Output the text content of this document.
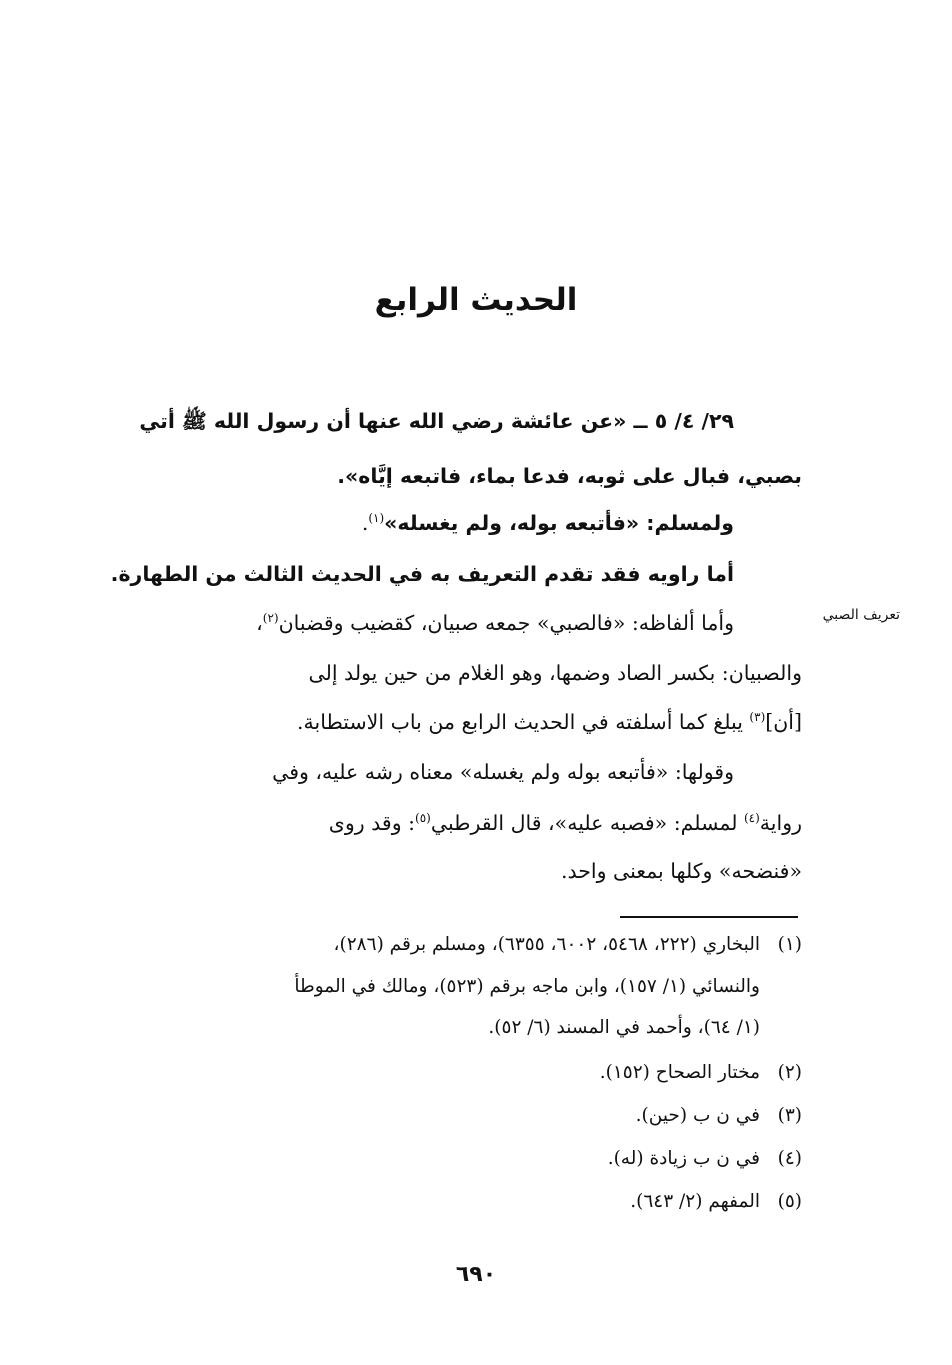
الحديث الرابع
٢٩/ ٤/ ٥ ــ «عن عائشة رضي الله عنها أن رسول الله ﷺ أتي
بصبي، فبال على ثوبه، فدعا بماء، فاتبعه إيَّاه».
ولمسلم: «فأتبعه بوله، ولم يغسله»$^{(١)}$.
أما راويه فقد تقدم التعريف به في الحديث الثالث من الطهارة.
تعريف الصبي
وأما ألفاظه: «فالصبي» جمعه صبيان، كقضيب وقضبان$^{(٢)}$،
والصبيان: بكسر الصاد وضمها، وهو الغلام من حين يولد إلى
[أن]$^{(٣)}$ يبلغ كما أسلفته في الحديث الرابع من باب الاستطابة.
وقولها: «فأتبعه بوله ولم يغسله» معناه رشه عليه، وفي
رواية$^{(٤)}$ لمسلم: «فصبه عليه»، قال القرطبي$^{(٥)}$: وقد روى
«فنضحه» وكلها بمعنى واحد.
(١)البخاري (٢٢٢، ٥٤٦٨، ٦٠٠٢، ٦٣٥٥)، ومسلم برقم (٢٨٦)،
والنسائي (١/ ١٥٧)، وابن ماجه برقم (٥٢٣)، ومالك في الموطأ
(١/ ٦٤)، وأحمد في المسند (٦/ ٥٢).
(٢)مختار الصحاح (١٥٢).
(٣)في ن ب (حين).
(٤)في ن ب زيادة (له).
(٥)المفهم (٢/ ٦٤٣).
٦٩٠
